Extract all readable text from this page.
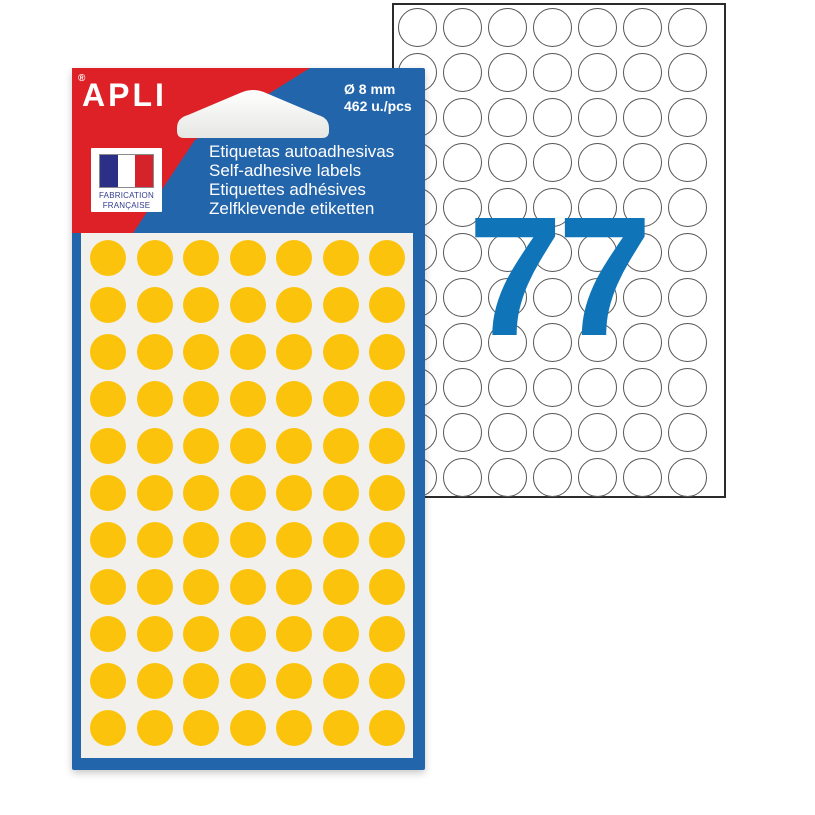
77
®
APLI	Ø 8 mm
462 u./pcs
FABRICATION
FRANÇAISE
Etiquetas autoadhesivas
Self-adhesive labels
Etiquettes adhésives
Zelfklevende etiketten
